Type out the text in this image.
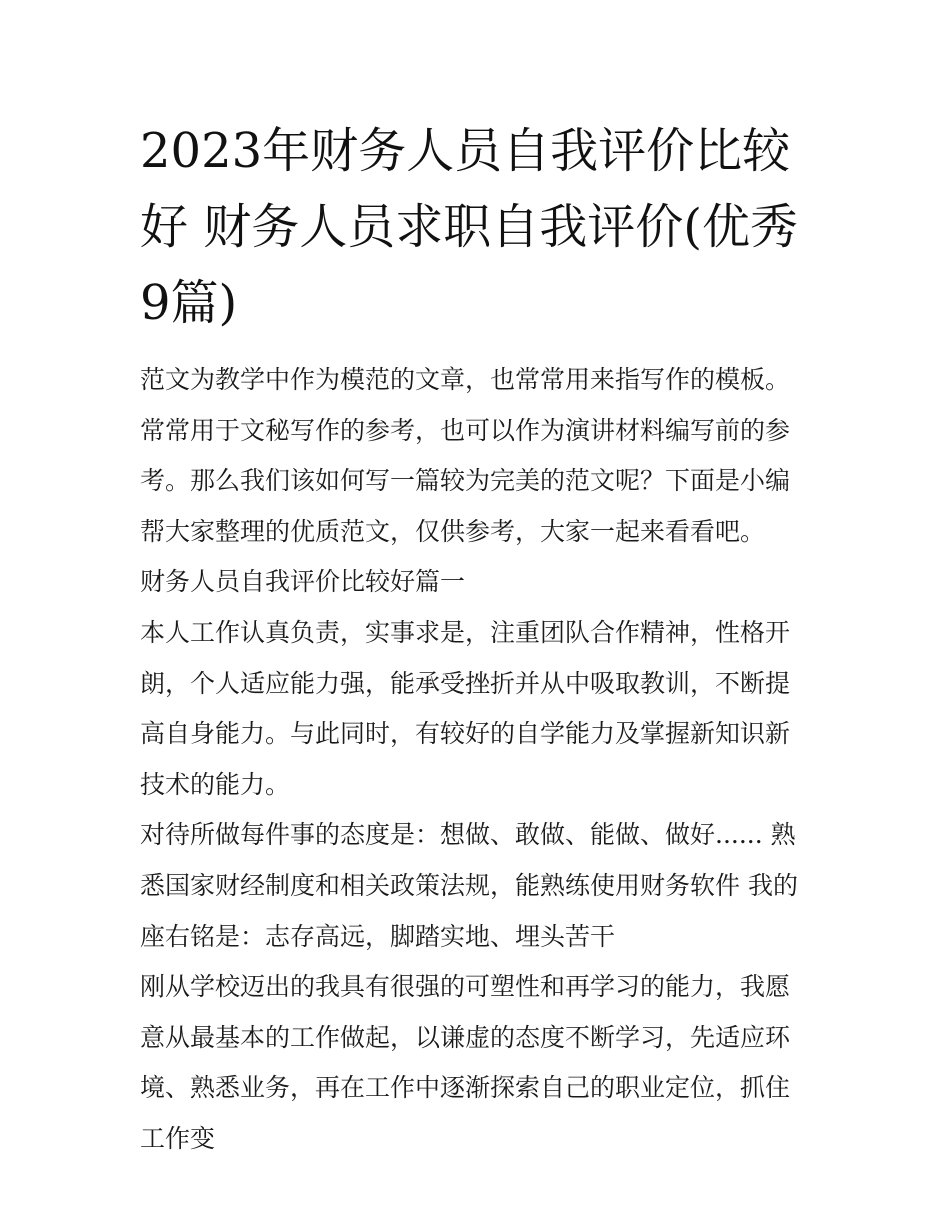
2023年财务人员自我评价比较好 财务人员求职自我评价(优秀9篇)

范文为教学中作为模范的文章，也常常用来指写作的模板。常常用于文秘写作的参考，也可以作为演讲材料编写前的参考。那么我们该如何写一篇较为完美的范文呢？下面是小编帮大家整理的优质范文，仅供参考，大家一起来看看吧。

财务人员自我评价比较好篇一

本人工作认真负责，实事求是，注重团队合作精神，性格开朗，个人适应能力强，能承受挫折并从中吸取教训，不断提高自身能力。与此同时，有较好的自学能力及掌握新知识新技术的能力。

对待所做每件事的态度是：想做、敢做、能做、做好...... 熟悉国家财经制度和相关政策法规，能熟练使用财务软件 我的座右铭是：志存高远，脚踏实地、埋头苦干

刚从学校迈出的我具有很强的可塑性和再学习的能力，我愿意从最基本的工作做起，以谦虚的态度不断学习，先适应环境、熟悉业务，再在工作中逐渐探索自己的职业定位，抓住工作变
